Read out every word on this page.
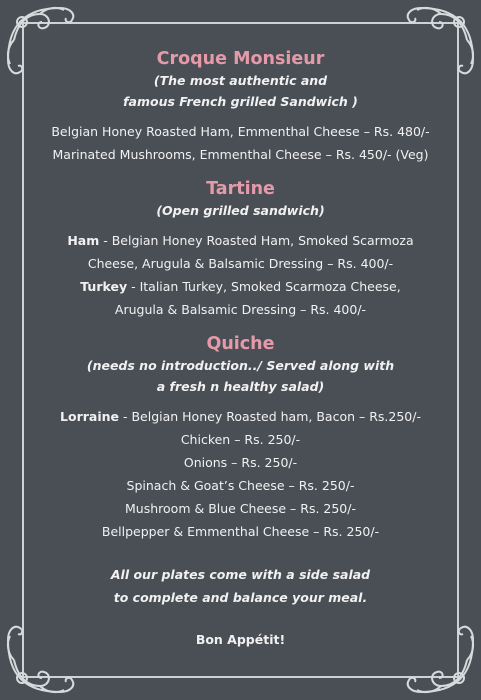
Croque Monsieur

(The most authentic and

famous French grilled Sandwich )

Belgian Honey Roasted Ham, Emmenthal Cheese – Rs. 480/-

Marinated Mushrooms, Emmenthal Cheese – Rs. 450/- (Veg)

Tartine

(Open grilled sandwich)

Ham - Belgian Honey Roasted Ham, Smoked Scarmoza

Cheese, Arugula & Balsamic Dressing – Rs. 400/-

Turkey - Italian Turkey, Smoked Scarmoza Cheese,

Arugula & Balsamic Dressing – Rs. 400/-

Quiche

(needs no introduction../ Served along with

a fresh n healthy salad)

Lorraine - Belgian Honey Roasted ham, Bacon – Rs.250/-

Chicken – Rs. 250/-

Onions – Rs. 250/-

Spinach & Goat’s Cheese – Rs. 250/-

Mushroom & Blue Cheese – Rs. 250/-

Bellpepper & Emmenthal Cheese – Rs. 250/-

All our plates come with a side salad

to complete and balance your meal.

Bon Appétit!
